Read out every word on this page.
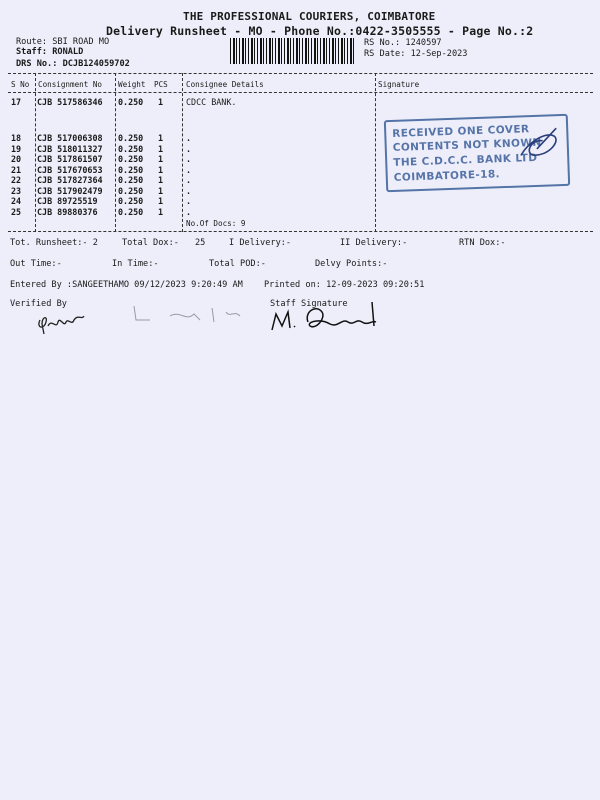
THE PROFESSIONAL COURIERS, COIMBATORE
Delivery Runsheet - MO - Phone No.:0422-3505555 - Page No.:2
Route: SBI ROAD MO
Staff: RONALD
DRS No.: DCJB124059702
RS No.: 1240597
RS Date: 12-Sep-2023
S No Consignment No Weight PCS Consignee Details	Signature
17 CJB 517586346 0.250 1	CDCC BANK.
18 CJB 517006308 0.250 1	.
19 CJB 518011327 0.250 1	.
20 CJB 517861507 0.250 1	.
21 CJB 517670653 0.250 1	.
22 CJB 517827364 0.250 1	.
23 CJB 517902479 0.250 1	.
24 CJB 89725519 0.250 1	.
25 CJB 89880376 0.250 1	.
No.Of Docs: 9
RECEIVED ONE COVER
CONTENTS NOT KNOWN
THE C.D.C.C. BANK LTD
COIMBATORE-18.
Tot. Runsheet:- 2	Total Dox:- 25	I Delivery:-	II Delivery:-	RTN Dox:-
Out Time:-	In Time:-	Total POD:-	Delvy Points:-
Entered By :SANGEETHAMO 09/12/2023 9:20:49 AM Printed on: 12-09-2023 09:20:51
Verified By	Staff Signature
